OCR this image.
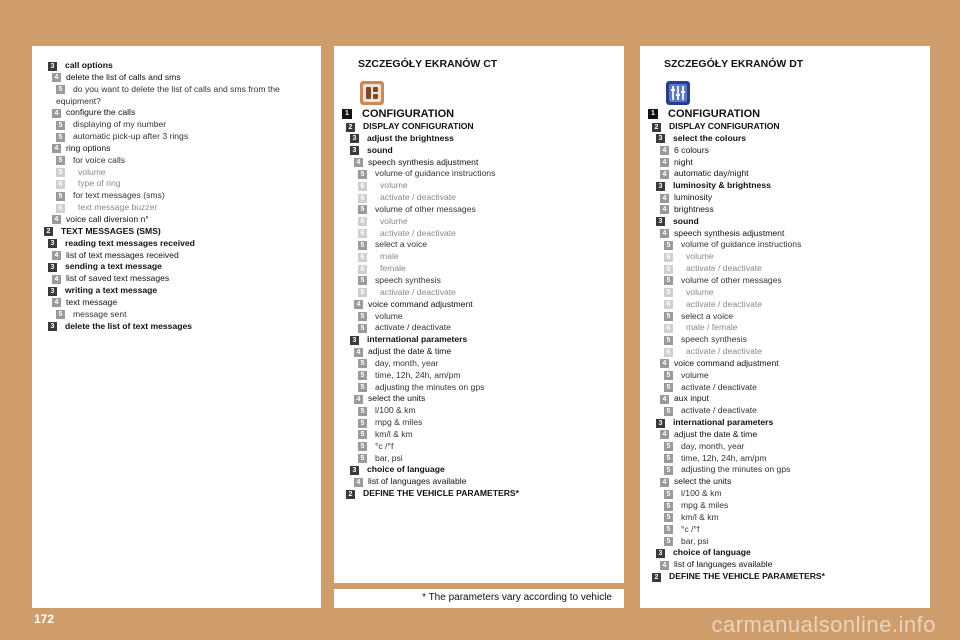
3 call options
4 delete the list of calls and sms
5 do you want to delete the list of calls and sms from the
equipment?
4 configure the calls
5 displaying of my number
5 automatic pick-up after 3 rings
4 ring options
5 for voice calls
6 volume
6 type of ring
5 for text messages (sms)
6 text message buzzer
4 voice call diversion n°
2 TEXT MESSAGES (SMS)
3 reading text messages received
4 list of text messages received
3 sending a text message
4 list of saved text messages
3 writing a text message
4 text message
5 message sent
3 delete the list of text messages
SZCZEGÓŁY EKRANÓW CT
1 CONFIGURATION
2 DISPLAY CONFIGURATION
3 adjust the brightness
3 sound
4 speech synthesis adjustment
5 volume of guidance instructions
6 volume
6 activate / deactivate
5 volume of other messages
6 volume
6 activate / deactivate
5 select a voice
6 male
6 female
5 speech synthesis
6 activate / deactivate
4 voice command adjustment
5 volume
5 activate / deactivate
3 international parameters
4 adjust the date & time
5 day, month, year
5 time, 12h, 24h, am/pm
5 adjusting the minutes on gps
4 select the units
5 l/100 & km
5 mpg & miles
5 km/l & km
5 °c /°f
5 bar, psi
3 choice of language
4 list of languages available
2 DEFINE THE VEHICLE PARAMETERS*
SZCZEGÓŁY EKRANÓW DT
1 CONFIGURATION
2 DISPLAY CONFIGURATION
3 select the colours
4 6 colours
4 night
4 automatic day/night
3 luminosity & brightness
4 luminosity
4 brightness
3 sound
4 speech synthesis adjustment
5 volume of guidance instructions
6 volume
6 activate / deactivate
5 volume of other messages
6 volume
6 activate / deactivate
5 select a voice
6 male / female
5 speech synthesis
6 activate / deactivate
4 voice command adjustment
5 volume
5 activate / deactivate
4 aux input
5 activate / deactivate
3 international parameters
4 adjust the date & time
5 day, month, year
5 time, 12h, 24h, am/pm
5 adjusting the minutes on gps
4 select the units
5 l/100 & km
5 mpg & miles
5 km/l & km
5 °c /°f
5 bar, psi
3 choice of language
4 list of languages available
2 DEFINE THE VEHICLE PARAMETERS*
* The parameters vary according to vehicle
172	carmanualsonline.info
